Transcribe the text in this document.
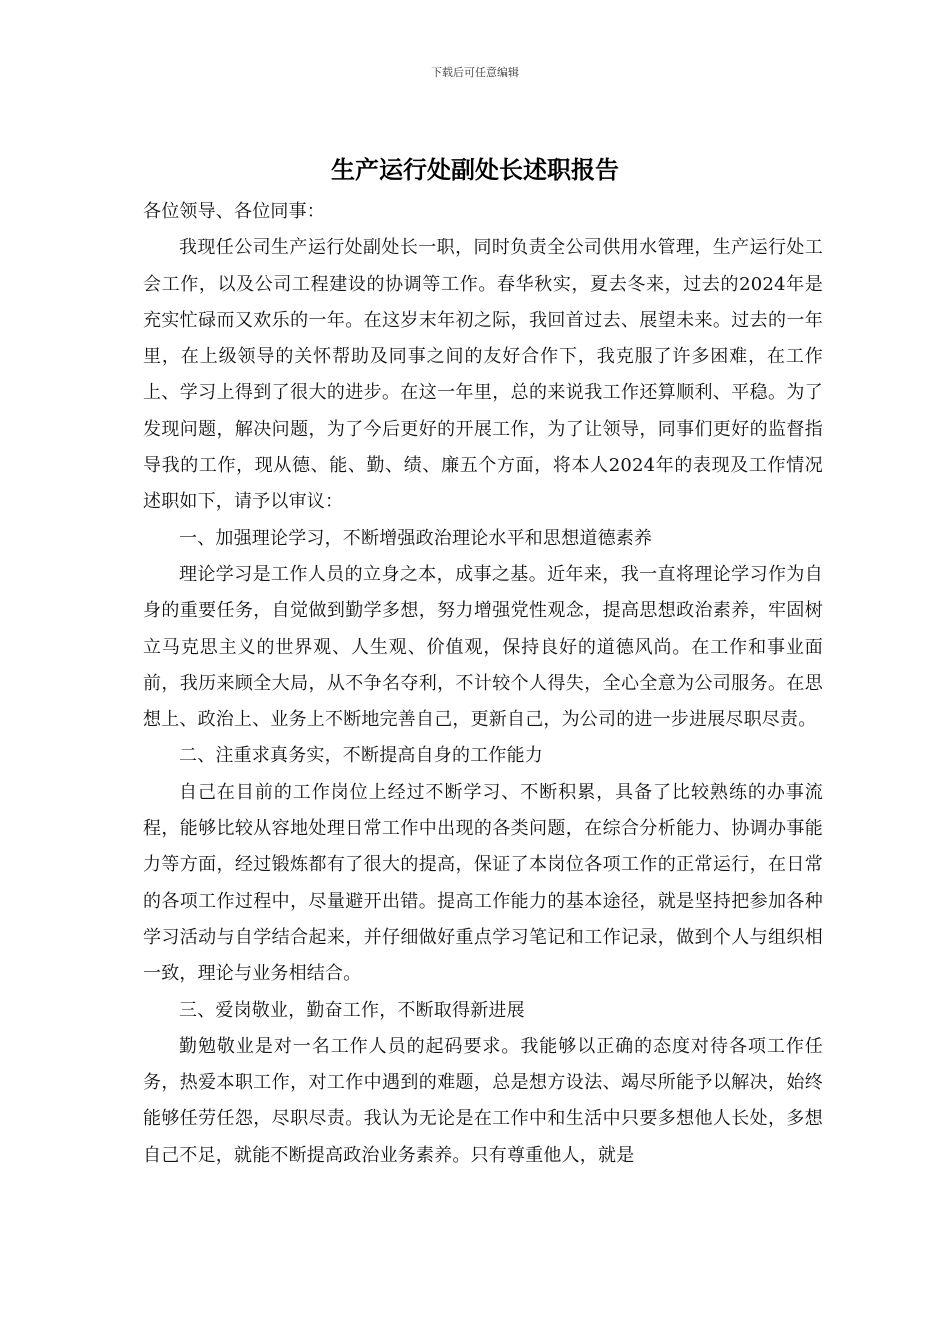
下载后可任意编辑
生产运行处副处长述职报告

各位领导、各位同事：

我现任公司生产运行处副处长一职，同时负责全公司供用水管理，生产运行处工会工作，以及公司工程建设的协调等工作。春华秋实，夏去冬来，过去的2024年是充实忙碌而又欢乐的一年。在这岁末年初之际，我回首过去、展望未来。过去的一年里，在上级领导的关怀帮助及同事之间的友好合作下，我克服了许多困难，在工作上、学习上得到了很大的进步。在这一年里，总的来说我工作还算顺利、平稳。为了发现问题，解决问题，为了今后更好的开展工作，为了让领导，同事们更好的监督指导我的工作，现从德、能、勤、绩、廉五个方面，将本人2024年的表现及工作情况述职如下，请予以审议：

一、加强理论学习，不断增强政治理论水平和思想道德素养

理论学习是工作人员的立身之本，成事之基。近年来，我一直将理论学习作为自身的重要任务，自觉做到勤学多想，努力增强党性观念，提高思想政治素养，牢固树立马克思主义的世界观、人生观、价值观，保持良好的道德风尚。在工作和事业面前，我历来顾全大局，从不争名夺利，不计较个人得失，全心全意为公司服务。在思想上、政治上、业务上不断地完善自己，更新自己，为公司的进一步进展尽职尽责。

二、注重求真务实，不断提高自身的工作能力

自己在目前的工作岗位上经过不断学习、不断积累，具备了比较熟练的办事流程，能够比较从容地处理日常工作中出现的各类问题，在综合分析能力、协调办事能力等方面，经过锻炼都有了很大的提高，保证了本岗位各项工作的正常运行，在日常的各项工作过程中，尽量避开出错。提高工作能力的基本途径，就是坚持把参加各种学习活动与自学结合起来，并仔细做好重点学习笔记和工作记录，做到个人与组织相一致，理论与业务相结合。

三、爱岗敬业，勤奋工作，不断取得新进展

勤勉敬业是对一名工作人员的起码要求。我能够以正确的态度对待各项工作任务，热爱本职工作，对工作中遇到的难题，总是想方设法、竭尽所能予以解决，始终能够任劳任怨，尽职尽责。我认为无论是在工作中和生活中只要多想他人长处，多想自己不足，就能不断提高政治业务素养。只有尊重他人，就是
